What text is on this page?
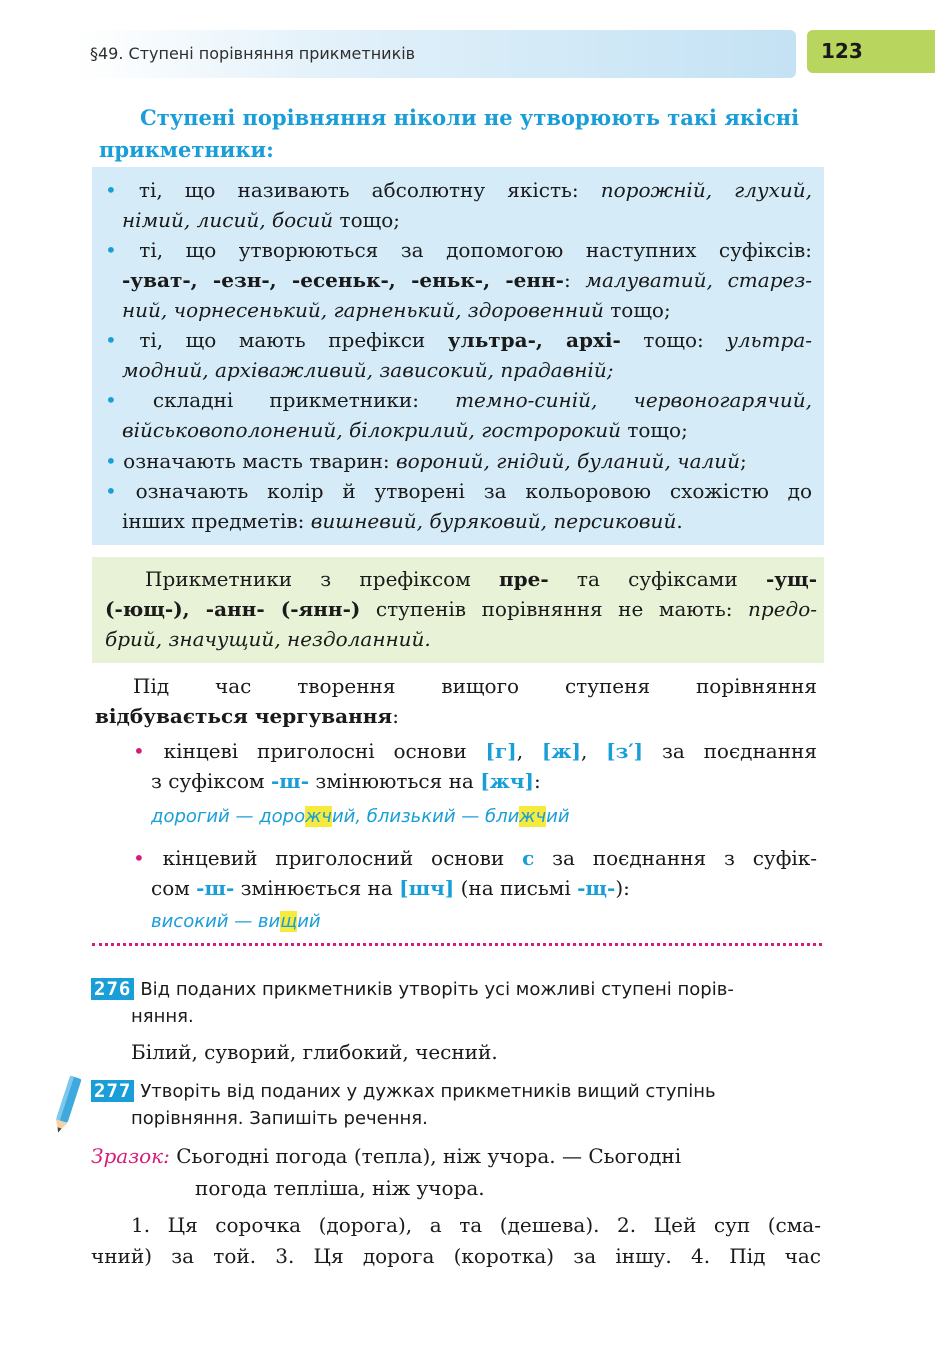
§49. Ступені порівняння прикметників	123
Ступені порівняння ніколи не утворюють такі якісні
прикметники:
• ті, що називають абсолютну якість: порожній, глухий,
німий, лисий, босий тощо;
• ті, що утворюються за допомогою наступних суфіксів:
-уват-, -езн-, -есеньк-, -еньк-, -енн-: малуватий, старез-
ний, чорнесенький, гарненький, здоровенний тощо;
• ті, що мають префікси ультра-, архі- тощо: ультра-
модний, архіважливий, зависокий, прадавній;
• складні прикметники: темно-синій, червоногарячий,
військовополонений, білокрилий, гостророкий тощо;
• означають масть тварин: вороний, гнідий, буланий, чалий;
• означають колір й утворені за кольоровою схожістю до
інших предметів: вишневий, буряковий, персиковий.
Прикметники з префіксом пре- та суфіксами -ущ-
(-ющ-), -анн- (-янн-) ступенів порівняння не мають: предо-
брий, значущий, нездоланний.
Під час творення вищого ступеня порівняння
відбувається чергування:
• кінцеві приголосні основи [г], [ж], [з′] за поєднання
з суфіксом -ш- змінюються на [жч]:
дорогий — дорожчий, близький — ближчий
• кінцевий приголосний основи с за поєднання з суфік-
сом -ш- змінюється на [шч] (на письмі -щ-):
високий — вищий
276 Від поданих прикметників утворіть усі можливі ступені порів-
няння.
Білий, суворий, глибокий, чесний.
277 Утворіть від поданих у дужках прикметників вищий ступінь
порівняння. Запишіть речення.
Зразок: Сьогодні погода (тепла), ніж учора. — Сьогодні
погода тепліша, ніж учора.
1. Ця сорочка (дорога), а та (дешева). 2. Цей суп (сма-
чний) за той. 3. Ця дорога (коротка) за іншу. 4. Під час
